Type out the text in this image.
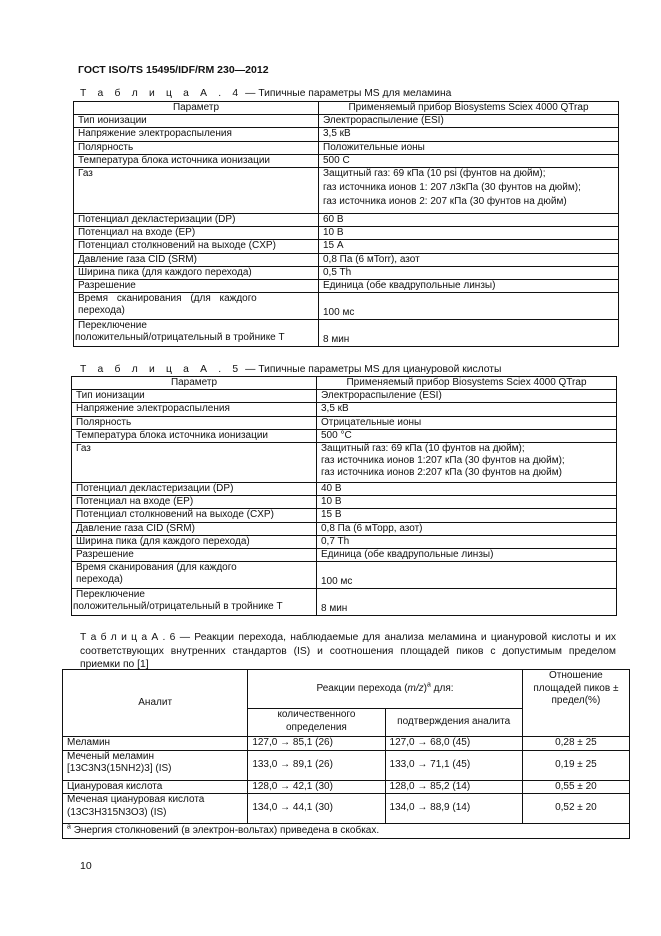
ГОСТ ISO/TS 15495/IDF/RM 230—2012
Т а б л и ц а А . 4 — Типичные параметры MS для меламина
Параметр	Применяемый прибор Biosystems Sciex 4000 QTrap
Тип ионизации	Электрораспыление (ESI)
Напряжение электрораспыления	3,5 кВ
Полярность	Положительные ионы
Температура блока источника ионизации	500 С
Газ	Защитный газ: 69 кПа (10 psi (фунтов на дюйм);
газ источника ионов 1: 207 л3кПа (30 фунтов на дюйм);
газ источника ионов 2: 207 кПа (30 фунтов на дюйм)

Потенциал декластеризации (DP)	60 В
Потенциал на входе (EP)	10 В
Потенциал столкновений на выходе (CXP)	15 А
Давление газа CID (SRM)	0,8 Па (6 мTorr), азот
Ширина пика (для каждого перехода)	0,5 Th
Разрешение	Единица (обе квадрупольные линзы)

Время сканирования (для каждого
перехода)	100 мс

Переключение
положительный/отрицательный в тройнике Т	8 мин
Т а б л и ц а А . 5 — Типичные параметры MS для циануровой кислоты
Параметр	Применяемый прибор Biosystems Sciex 4000 QTrap
Тип ионизации	Электрораспыление (ESI)
Напряжение электрораспыления	3,5 кВ
Полярность	Отрицательные ионы
Температура блока источника ионизации	500 °С
Газ	Защитный газ: 69 кПа (10 фунтов на дюйм);
газ источника ионов 1:207 кПа (30 фунтов на дюйм);
газ источника ионов 2:207 кПа (30 фунтов на дюйм)

Потенциал декластеризации (DP)	40 В
Потенциал на входе (EP)	10 В
Потенциал столкновений на выходе (CXP)	15 В
Давление газа CID (SRM)	0,8 Па (6 мТорр, азот)
Ширина пика (для каждого перехода)	0,7 Th
Разрешение	Единица (обе квадрупольные линзы)

Время сканирования (для каждого
перехода)	100 мс

Переключение
положительный/отрицательный в тройнике Т	8 мин
Т а б л и ц а А . 6 — Реакции перехода, наблюдаемые для анализа меламина и циануровой кислоты и их соответствующих внутренних стандартов (IS) и соотношения площадей пиков с допустимым пределом приемки по [1]
Аналит	Реакции перехода $(m/z)^a$ для:		Отношение площадей пиков ± предел(%)
	количественного определения	подтверждения аналита	
Меламин	127,0 → 85,1 (26)	127,0 → 68,0 (45)	0,28 ± 25

Меченый меламин
[13C3N3(15NH2)3] (IS)	133,0 → 89,1 (26)	133,0 → 71,1 (45)	0,19 ± 25
Циануровая кислота	128,0 → 42,1 (30)	128,0 → 85,2 (14)	0,55 ± 20

Меченая циануровая кислота
(13C3H315N3O3) (IS)	134,0 → 44,1 (30)	134,0 → 88,9 (14)	0,52 ± 20
$^a$ Энергия столкновений (в электрон-вольтах) приведена в скобках.			
10
